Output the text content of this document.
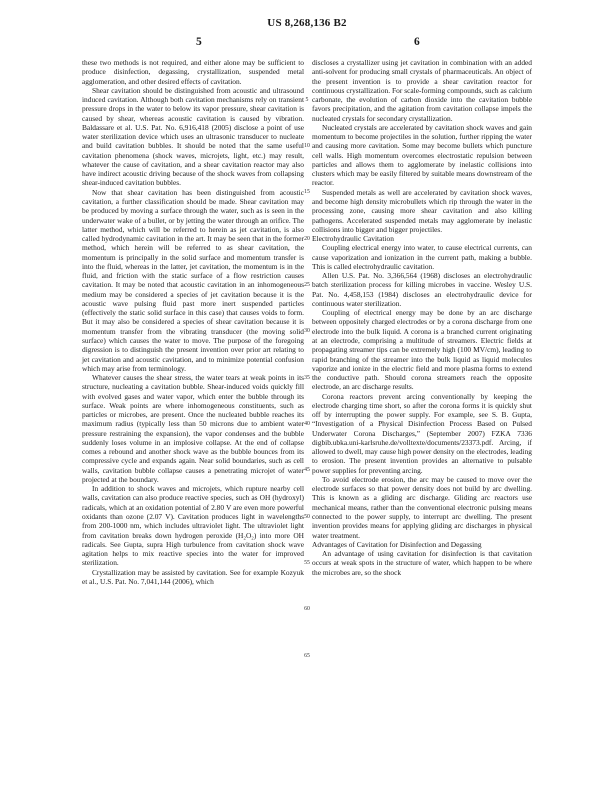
US 8,268,136 B2
5	6

these two methods is not required, and either alone may be sufficient to produce disinfection, degassing, crystallization, suspended metal agglomeration, and other desired effects of cavitation.

Shear cavitation should be distinguished from acoustic and ultrasound induced cavitation. Although both cavitation mechanisms rely on transient pressure drops in the water to below its vapor pressure, shear cavitation is caused by shear, whereas acoustic cavitation is caused by vibration. Baldassare et al. U.S. Pat. No. 6,916,418 (2005) disclose a point of use water sterilization device which uses an ultrasonic transducer to nucleate and build cavitation bubbles. It should be noted that the same useful cavitation phenomena (shock waves, microjets, light, etc.) may result, whatever the cause of cavitation, and a shear cavitation reactor may also have indirect acoustic driving because of the shock waves from collapsing shear-induced cavitation bubbles.

Now that shear cavitation has been distinguished from acoustic cavitation, a further classification should be made. Shear cavitation may be produced by moving a surface through the water, such as is seen in the underwater wake of a bullet, or by jetting the water through an orifice. The latter method, which will be referred to herein as jet cavitation, is also called hydrodynamic cavitation in the art. It may be seen that in the former method, which herein will be referred to as shear cavitation, the momentum is principally in the solid surface and momentum transfer is into the fluid, whereas in the latter, jet cavitation, the momentum is in the fluid, and friction with the static surface of a flow restriction causes cavitation. It may be noted that acoustic cavitation in an inhomogeneous medium may be considered a species of jet cavitation because it is the acoustic wave pulsing fluid past more inert suspended particles (effectively the static solid surface in this case) that causes voids to form. But it may also be considered a species of shear cavitation because it is momentum transfer from the vibrating transducer (the moving solid surface) which causes the water to move. The purpose of the foregoing digression is to distinguish the present invention over prior art relating to jet cavitation and acoustic cavitation, and to minimize potential confusion which may arise from terminology.

Whatever causes the shear stress, the water tears at weak points in its structure, nucleating a cavitation bubble. Shear-induced voids quickly fill with evolved gases and water vapor, which enter the bubble through its surface. Weak points are where inhomogeneous constituents, such as particles or microbes, are present. Once the nucleated bubble reaches its maximum radius (typically less than 50 microns due to ambient water pressure restraining the expansion), the vapor condenses and the bubble suddenly loses volume in an implosive collapse. At the end of collapse comes a rebound and another shock wave as the bubble bounces from its compressive cycle and expands again. Near solid boundaries, such as cell walls, cavitation bubble collapse causes a penetrating microjet of water projected at the boundary.

In addition to shock waves and microjets, which rupture nearby cell walls, cavitation can also produce reactive species, such as OH (hydroxyl) radicals, which at an oxidation potential of 2.80 V are even more powerful oxidants than ozone (2.07 V). Cavitation produces light in wavelengths from 200-1000 nm, which includes ultraviolet light. The ultraviolet light from cavitation breaks down hydrogen peroxide (H₂O₂) into more OH radicals. See Gupta, supra High turbulence from cavitation shock wave agitation helps to mix reactive species into the water for improved sterilization.

Crystallization may be assisted by cavitation. See for example Kozyuk et al., U.S. Pat. No. 7,041,144 (2006), which

discloses a crystallizer using jet cavitation in combination with an added anti-solvent for producing small crystals of pharmaceuticals. An object of the present invention is to provide a shear cavitation reactor for continuous crystallization. For scale-forming compounds, such as calcium carbonate, the evolution of carbon dioxide into the cavitation bubble favors precipitation, and the agitation from cavitation collapse impels the nucleated crystals for secondary crystallization.

Nucleated crystals are accelerated by cavitation shock waves and gain momentum to become projectiles in the solution, further ripping the water and causing more cavitation. Some may become bullets which puncture cell walls. High momentum overcomes electrostatic repulsion between particles and allows them to agglomerate by inelastic collisions into clusters which may be easily filtered by suitable means downstream of the reactor.

Suspended metals as well are accelerated by cavitation shock waves, and become high density microbullets which rip through the water in the processing zone, causing more shear cavitation and also killing pathogens. Accelerated suspended metals may agglomerate by inelastic collisions into bigger and bigger projectiles.

Electrohydraulic Cavitation

Coupling electrical energy into water, to cause electrical currents, can cause vaporization and ionization in the current path, making a bubble. This is called electrohydraulic cavitation.

Allen U.S. Pat. No. 3,366,564 (1968) discloses an electrohydraulic batch sterilization process for killing microbes in vaccine. Wesley U.S. Pat. No. 4,458,153 (1984) discloses an electrohydraulic device for continuous water sterilization.

Coupling of electrical energy may be done by an arc discharge between oppositely charged electrodes or by a corona discharge from one electrode into the bulk liquid. A corona is a branched current originating at an electrode, comprising a multitude of streamers. Electric fields at propagating streamer tips can be extremely high (100 MV/cm), leading to rapid branching of the streamer into the bulk liquid as liquid molecules vaporize and ionize in the electric field and more plasma forms to extend the conductive path. Should corona streamers reach the opposite electrode, an arc discharge results.

Corona reactors prevent arcing conventionally by keeping the electrode charging time short, so after the corona forms it is quickly shut off by interrupting the power supply. For example, see S. B. Gupta, “Investigation of a Physical Disinfection Process Based on Pulsed Underwater Corona Discharges,” (September 2007) FZKA 7336 digbib.ubka.uni-karlsruhe.de/volltexte/documents/23373.pdf. Arcing, if allowed to dwell, may cause high power density on the electrodes, leading to erosion. The present invention provides an alternative to pulsable power supplies for preventing arcing.

To avoid electrode erosion, the arc may be caused to move over the electrode surfaces so that power density does not build by arc dwelling. This is known as a gliding arc discharge. Gliding arc reactors use mechanical means, rather than the conventional electronic pulsing means connected to the power supply, to interrupt arc dwelling. The present invention provides means for applying gliding arc discharges in physical water treatment.

Advantages of Cavitation for Disinfection and Degassing

An advantage of using cavitation for disinfection is that cavitation occurs at weak spots in the structure of water, which happen to be where the microbes are, so the shock

5
10
15
20
25
30
35
40
45
50
55
60
65
